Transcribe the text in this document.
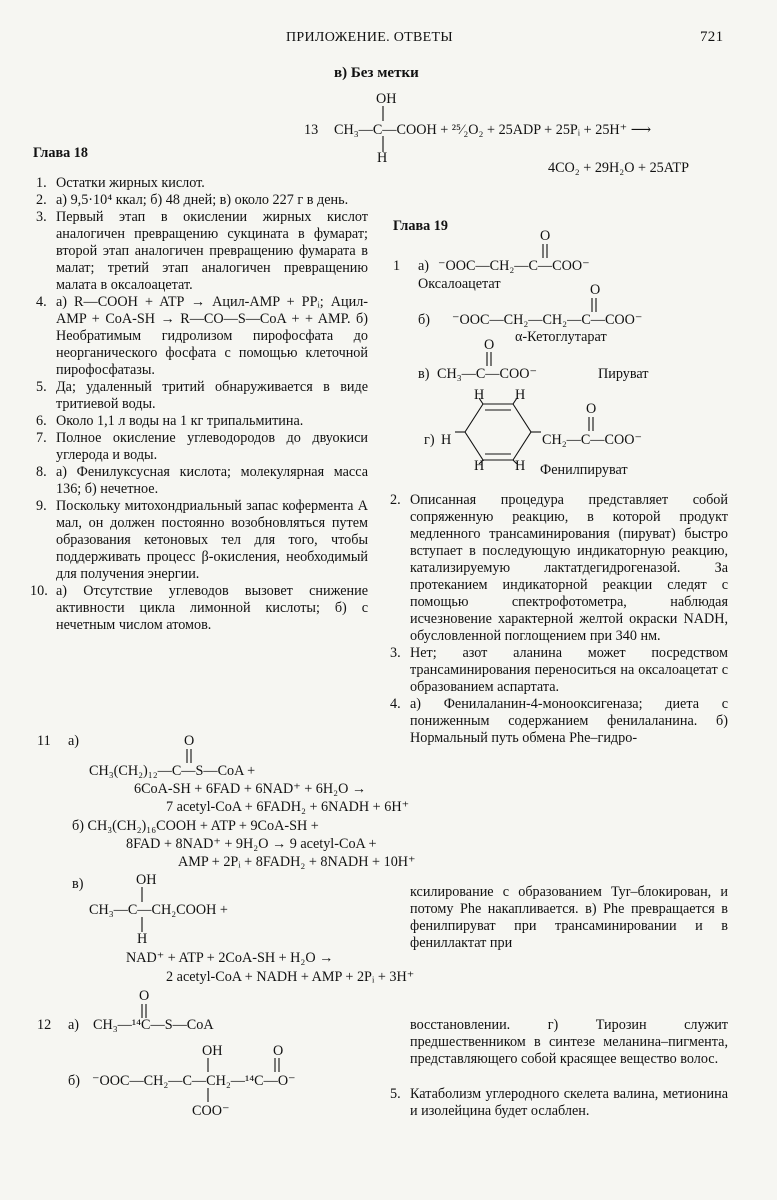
ПРИЛОЖЕНИЕ. ОТВЕТЫ	721
в) Без метки
OH
13 CH₃—C—COOH + ²⁵⁄₂O₂ + 25ADP + 25Pᵢ + 25H⁺ ⟶
H
4CO₂ + 29H₂O + 25ATP
Глава 18
1. Остатки жирных кислот.
2. а) 9,5·10⁴ ккал; б) 48 дней; в) около 227 г в день.
3. Первый этап в окислении жирных кислот аналогичен превращению сукцината в фумарат; второй этап аналогичен превращению фумарата в малат; третий этап аналогичен превращению малата в оксалоацетат.
4. а) R—COOH + ATP → Ацил-AMP + PPᵢ; Ацил-AMP + CoA-SH → R—CO—S—CoA + + AMP. б) Необратимым гидролизом пирофосфата до неорганического фосфата с помощью клеточной пирофосфатазы.
5. Да; удаленный тритий обнаруживается в виде тритиевой воды.
6. Около 1,1 л воды на 1 кг трипальмитина.
7. Полное окисление углеводородов до двуокиси углерода и воды.
8. а) Фенилуксусная кислота; молекулярная масса 136; б) нечетное.
9. Поскольку митохондриальный запас кофермента А мал, он должен постоянно возобновляться путем образования кетоновых тел для того, чтобы поддерживать процесс β-окисления, необходимый для получения энергии.
10. а) Отсутствие углеводов вызовет снижение активности цикла лимонной кислоты; б) с нечетным числом атомов.
Глава 19
1
O
а) ⁻OOC—CH₂—C—COO⁻
Оксалоацетат	O
б) ⁻OOC—CH₂—CH₂—C—COO⁻
α-Кетоглутарат
O
в) CH₃—C—COO⁻	Пируват
г) H
H H
H H
CH₂—C—COO⁻
O
Фенилпируват
2. Описанная процедура представляет собой сопряженную реакцию, в которой продукт медленного трансаминирования (пируват) быстро вступает в последующую индикаторную реакцию, катализируемую лактатдегидрогеназой. За протеканием индикаторной реакции следят с помощью спектрофотометра, наблюдая исчезновение характерной желтой окраски NADH, обусловленной поглощением при 340 нм.
3. Нет; азот аланина может посредством трансаминирования переноситься на оксалоацетат с образованием аспартата.
4. а) Фенилаланин-4-монооксигеназа; диета с пониженным содержанием фенилаланина. б) Нормальный путь обмена Phe–гидро-
11 а)	O
CH₃(CH₂)₁₂—C—S—CoA +
6CoA-SH + 6FAD + 6NAD⁺ + 6H₂O →
7 acetyl-CoA + 6FADH₂ + 6NADH + 6H⁺
б) CH₃(CH₂)₁₆COOH + ATP + 9CoA-SH +
8FAD + 8NAD⁺ + 9H₂O → 9 acetyl-CoA +
AMP + 2Pᵢ + 8FADH₂ + 8NADH + 10H⁺
в)	OH
CH₃—C—CH₂COOH +
H
NAD⁺ + ATP + 2CoA-SH + H₂O →
2 acetyl-CoA + NADH + AMP + 2Pᵢ + 3H⁺
ксилирование с образованием Tyr–блокирован, и потому Phe накапливается. в) Phe превращается в фенилпируват при трансаминировании и в фениллактат при
12
O
а) CH₃—¹⁴C—S—CoA
OH	O
б) ⁻OOC—CH₂—C—CH₂—¹⁴C—O⁻
COO⁻
восстановлении. г) Тирозин служит предшественником в синтезе меланина–пигмента, представляющего собой красящее вещество волос.
5. Катаболизм углеродного скелета валина, метионина и изолейцина будет ослаблен.
